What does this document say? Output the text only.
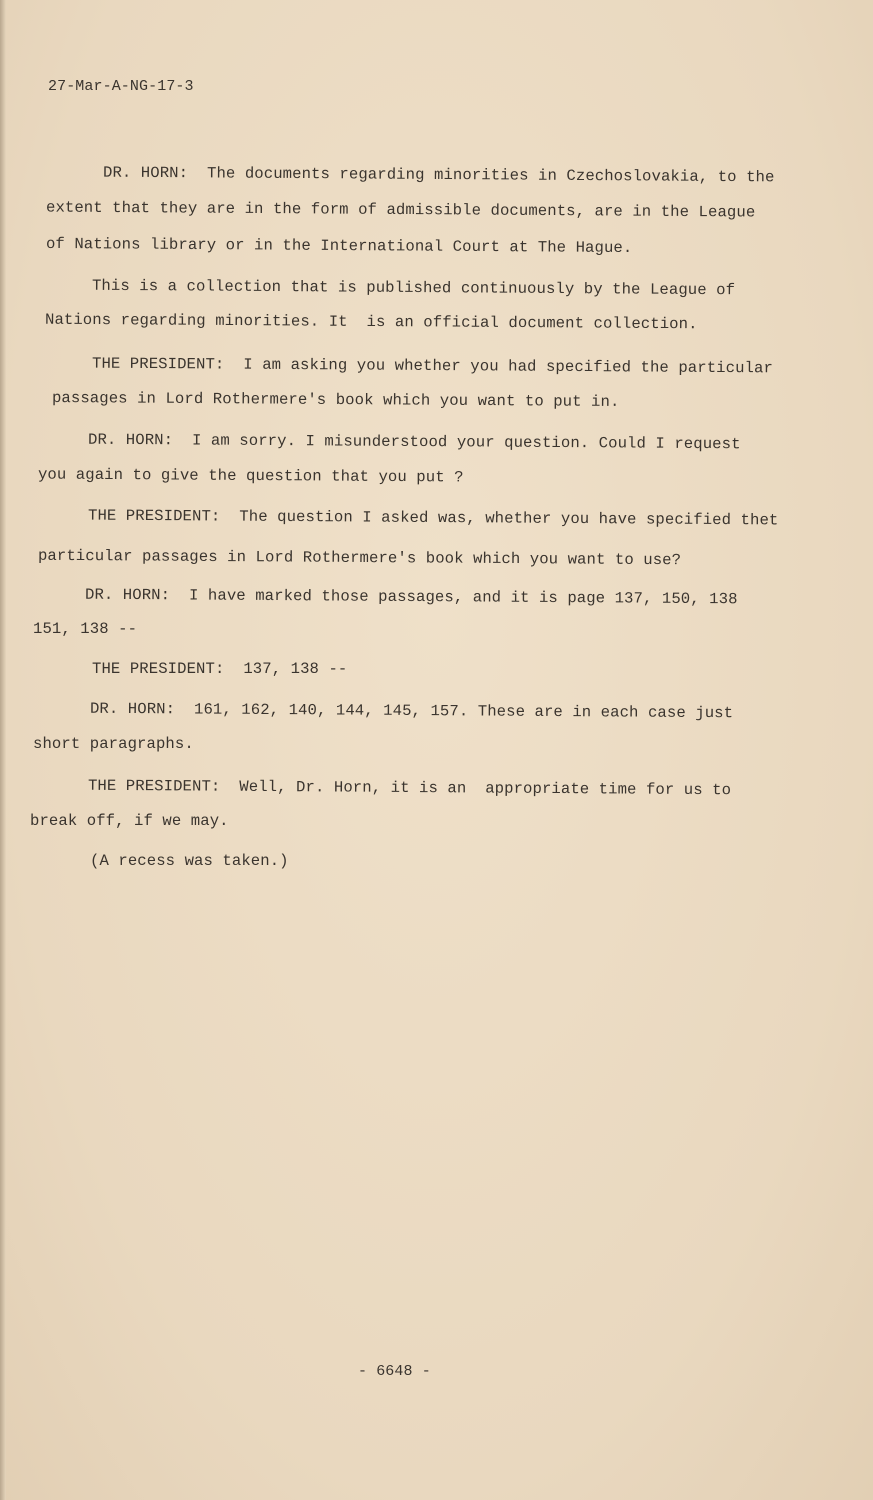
27-Mar-A-NG-17-3
DR. HORN:  The documents regarding minorities in Czechoslovakia, to the
extent that they are in the form of admissible documents, are in the League
of Nations library or in the International Court at The Hague.
This is a collection that is published continuously by the League of
Nations regarding minorities. It  is an official document collection.
THE PRESIDENT:  I am asking you whether you had specified the particular
passages in Lord Rothermere's book which you want to put in.
DR. HORN:  I am sorry. I misunderstood your question. Could I request
you again to give the question that you put ?
THE PRESIDENT:  The question I asked was, whether you have specified thet
particular passages in Lord Rothermere's book which you want to use?
DR. HORN:  I have marked those passages, and it is page 137, 150, 138
151, 138 --
THE PRESIDENT:  137, 138 --
DR. HORN:  161, 162, 140, 144, 145, 157. These are in each case just
short paragraphs.
THE PRESIDENT:  Well, Dr. Horn, it is an  appropriate time for us to
break off, if we may.
(A recess was taken.)
- 6648 -
